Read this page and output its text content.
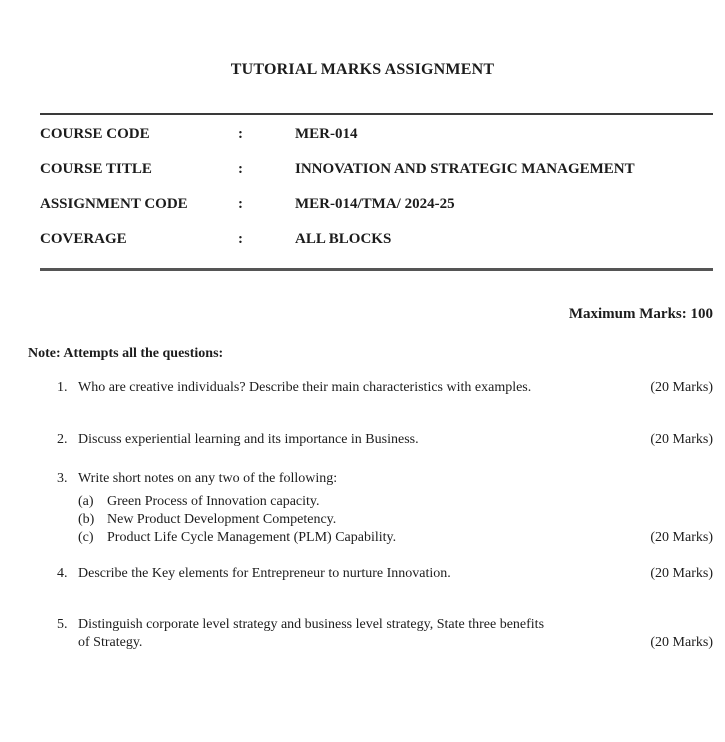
TUTORIAL MARKS ASSIGNMENT
COURSE CODE	:	MER-014
COURSE TITLE	:	INNOVATION AND STRATEGIC MANAGEMENT
ASSIGNMENT CODE	:	MER-014/TMA/ 2024-25
COVERAGE	:	ALL BLOCKS
Maximum Marks: 100
Note: Attempts all the questions:
1. Who are creative individuals? Describe their main characteristics with examples.	(20 Marks)
2. Discuss experiential learning and its importance in Business.	(20 Marks)
3. Write short notes on any two of the following:
(a) Green Process of Innovation capacity.
(b) New Product Development Competency.
(c) Product Life Cycle Management (PLM) Capability.	(20 Marks)
4. Describe the Key elements for Entrepreneur to nurture Innovation.	(20 Marks)
5. Distinguish corporate level strategy and business level strategy, State three benefits
of Strategy.	(20 Marks)
